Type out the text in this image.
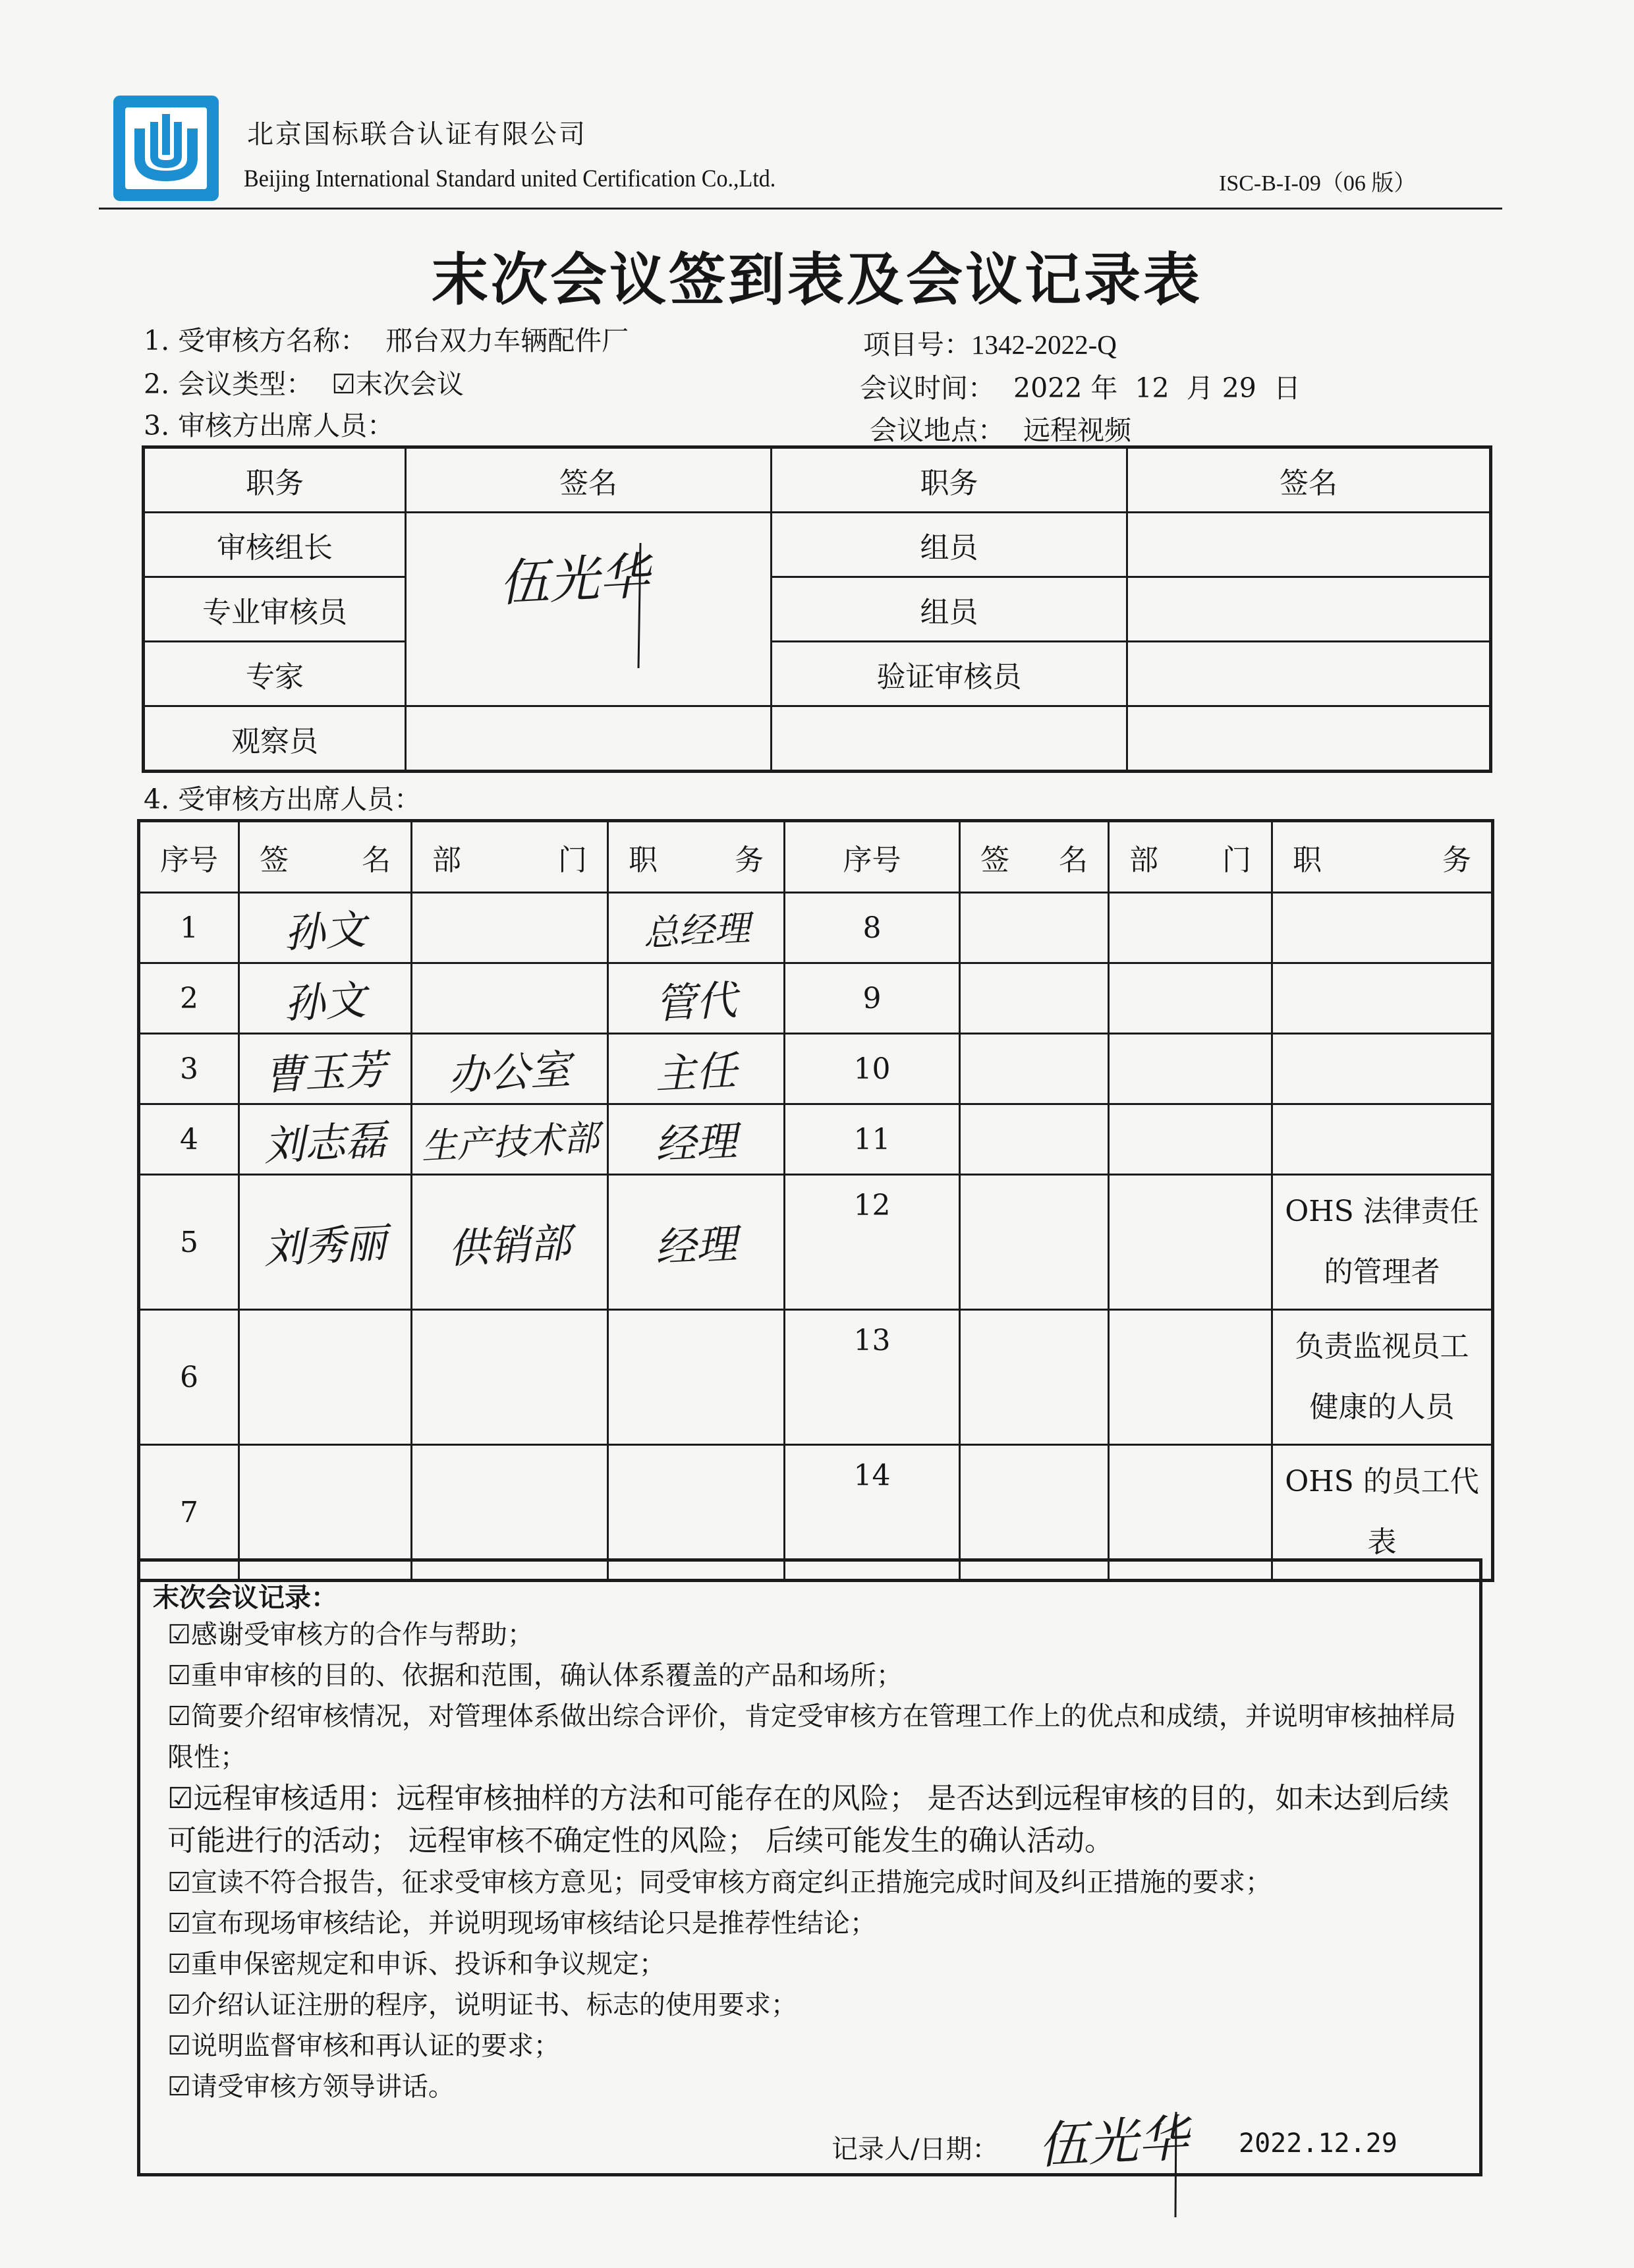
北京国标联合认证有限公司
Beijing International Standard united Certification Co.,Ltd.	ISC-B-I-09（06 版）
末次会议签到表及会议记录表
1. 受审核方名称： 邢台双力车辆配件厂	项目号：1342-2022-Q
2. 会议类型： ☑末次会议	会议时间： 2022 年  12  月 29  日
3. 审核方出席人员：	会议地点： 远程视频
职务	签名	职务	签名
审核组长	伍光华	组员	
专业审核员		组员	
专家		验证审核员	
观察员			
4. 受审核方出席人员：
序号	签 名	部 门	职 务	序号	签 名	部 门	职 务

1	孙文		总经理	8			
2	孙文		管代	9			
3	曹玉芳	办公室	主任	10			
4	刘志磊	生产技术部	经理	11			
5	刘秀丽	供销部	经理	12			OHS 法律责任
的管理者

6				13			负责监视员工
健康的人员

7				14			OHS 的员工代
表
末次会议记录：
☑感谢受审核方的合作与帮助；
☑重申审核的目的、依据和范围，确认体系覆盖的产品和场所；
☑简要介绍审核情况，对管理体系做出综合评价，肯定受审核方在管理工作上的优点和成绩，并说明审核抽样局限性；
☑远程审核适用：远程审核抽样的方法和可能存在的风险； 是否达到远程审核的目的，如未达到后续可能进行的活动； 远程审核不确定性的风险； 后续可能发生的确认活动。
☑宣读不符合报告，征求受审核方意见；同受审核方商定纠正措施完成时间及纠正措施的要求；
☑宣布现场审核结论，并说明现场审核结论只是推荐性结论；
☑重申保密规定和申诉、投诉和争议规定；
☑介绍认证注册的程序，说明证书、标志的使用要求；
☑说明监督审核和再认证的要求；
☑请受审核方领导讲话。
记录人/日期： 伍光华 2022.12.29
